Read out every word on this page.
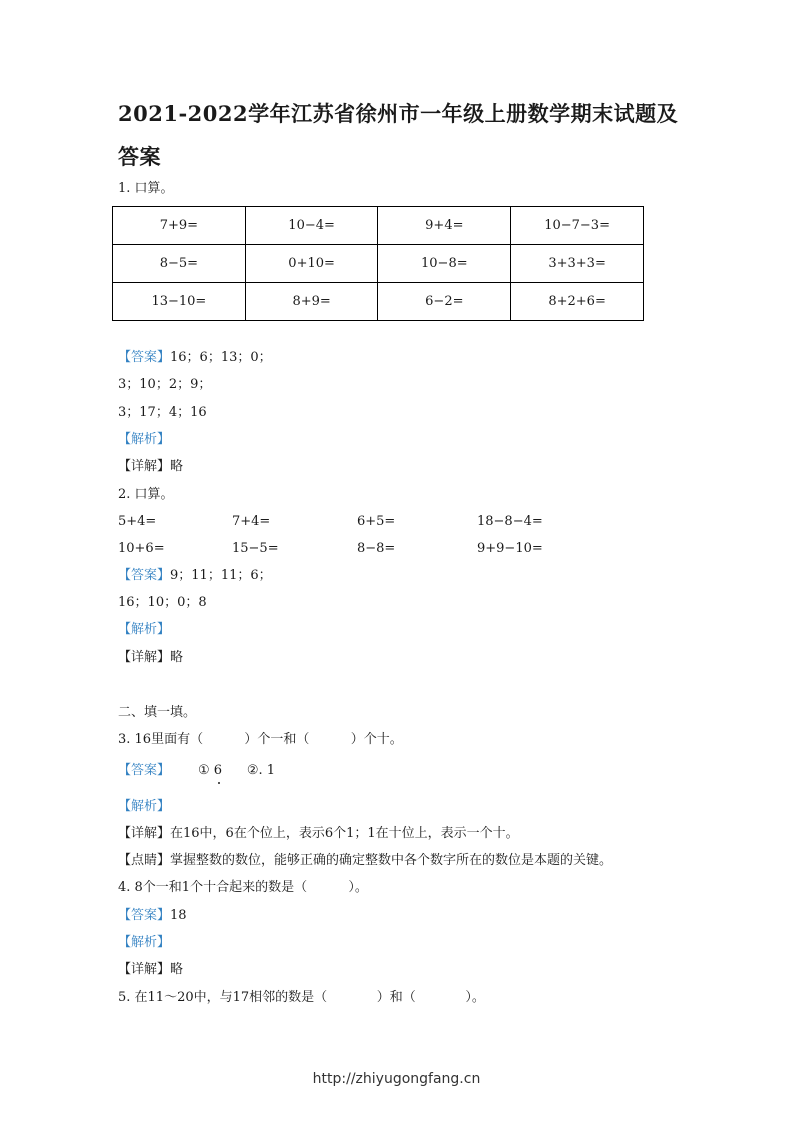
2021-2022学年江苏省徐州市一年级上册数学期末试题及答案
1. 口算。
7+9=	10−4=	9+4=	10−7−3=
8−5=	0+10=	10−8=	3+3+3=
13−10=	8+9=	6−2=	8+2+6=
【答案】16；6；13；0；
3；10；2；9；
3；17；4；16
【解析】
【详解】略
2. 口算。
5+4=	7+4=	6+5=	18−8−4=
10+6=	15−5=	8−8=	9+9−10=
【答案】9；11；11；6；
16；10；0；8
【解析】
【详解】略
二、填一填。
3. 16里面有（          ）个一和（          ）个十。
【答案】 ① 6      ②. 1
【解析】
【详解】在16中，6在个位上，表示6个1；1在十位上，表示一个十。
【点睛】掌握整数的数位，能够正确的确定整数中各个数字所在的数位是本题的关键。
4. 8个一和1个十合起来的数是（          ）。
【答案】18
【解析】
【详解】略
5. 在11～20中，与17相邻的数是（            ）和（            ）。
http://zhiyugongfang.cn
